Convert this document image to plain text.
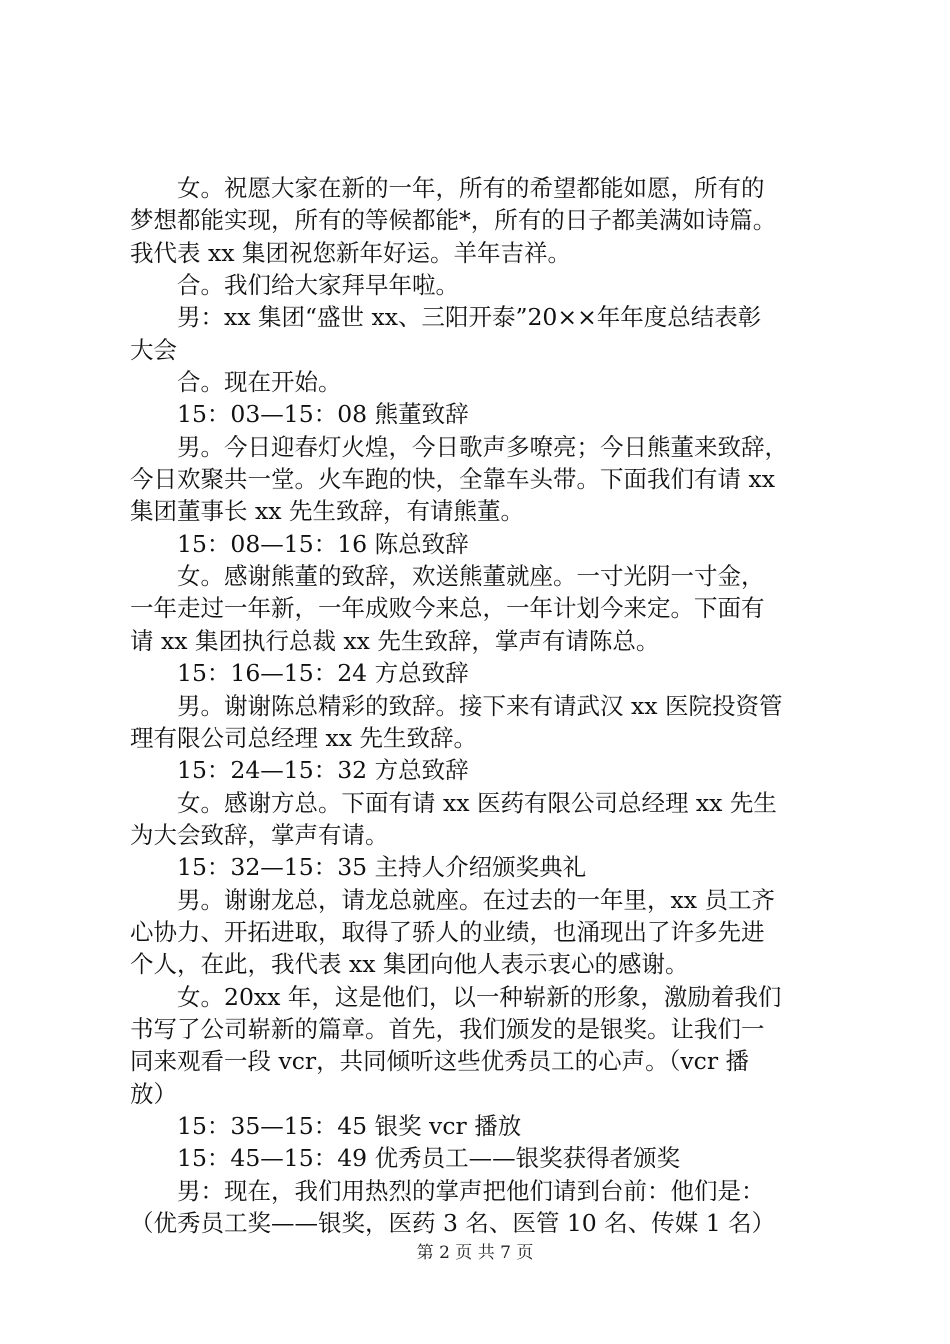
女。祝愿大家在新的一年，所有的希望都能如愿，所有的
梦想都能实现，所有的等候都能*，所有的日子都美满如诗篇。
我代表 xx 集团祝您新年好运。羊年吉祥。
合。我们给大家拜早年啦。
男：xx 集团“盛世 xx、三阳开泰”20××年年度总结表彰
大会
合。现在开始。
15：03—15：08 熊董致辞
男。今日迎春灯火煌，今日歌声多嘹亮；今日熊董来致辞，
今日欢聚共一堂。火车跑的快，全靠车头带。下面我们有请 xx
集团董事长 xx 先生致辞，有请熊董。
15：08—15：16 陈总致辞
女。感谢熊董的致辞，欢送熊董就座。一寸光阴一寸金，
一年走过一年新，一年成败今来总，一年计划今来定。下面有
请 xx 集团执行总裁 xx 先生致辞，掌声有请陈总。
15：16—15：24 方总致辞
男。谢谢陈总精彩的致辞。接下来有请武汉 xx 医院投资管
理有限公司总经理 xx 先生致辞。
15：24—15：32 方总致辞
女。感谢方总。下面有请 xx 医药有限公司总经理 xx 先生
为大会致辞，掌声有请。
15：32—15：35 主持人介绍颁奖典礼
男。谢谢龙总，请龙总就座。在过去的一年里，xx 员工齐
心协力、开拓进取，取得了骄人的业绩，也涌现出了许多先进
个人，在此，我代表 xx 集团向他人表示衷心的感谢。
女。20xx 年，这是他们，以一种崭新的形象，激励着我们
书写了公司崭新的篇章。首先，我们颁发的是银奖。让我们一
同来观看一段 vcr，共同倾听这些优秀员工的心声。（vcr 播
放）
15：35—15：45 银奖 vcr 播放
15：45—15：49 优秀员工——银奖获得者颁奖
男：现在，我们用热烈的掌声把他们请到台前：他们是：
（优秀员工奖——银奖，医药 3 名、医管 10 名、传媒 1 名）
第 2 页 共 7 页
